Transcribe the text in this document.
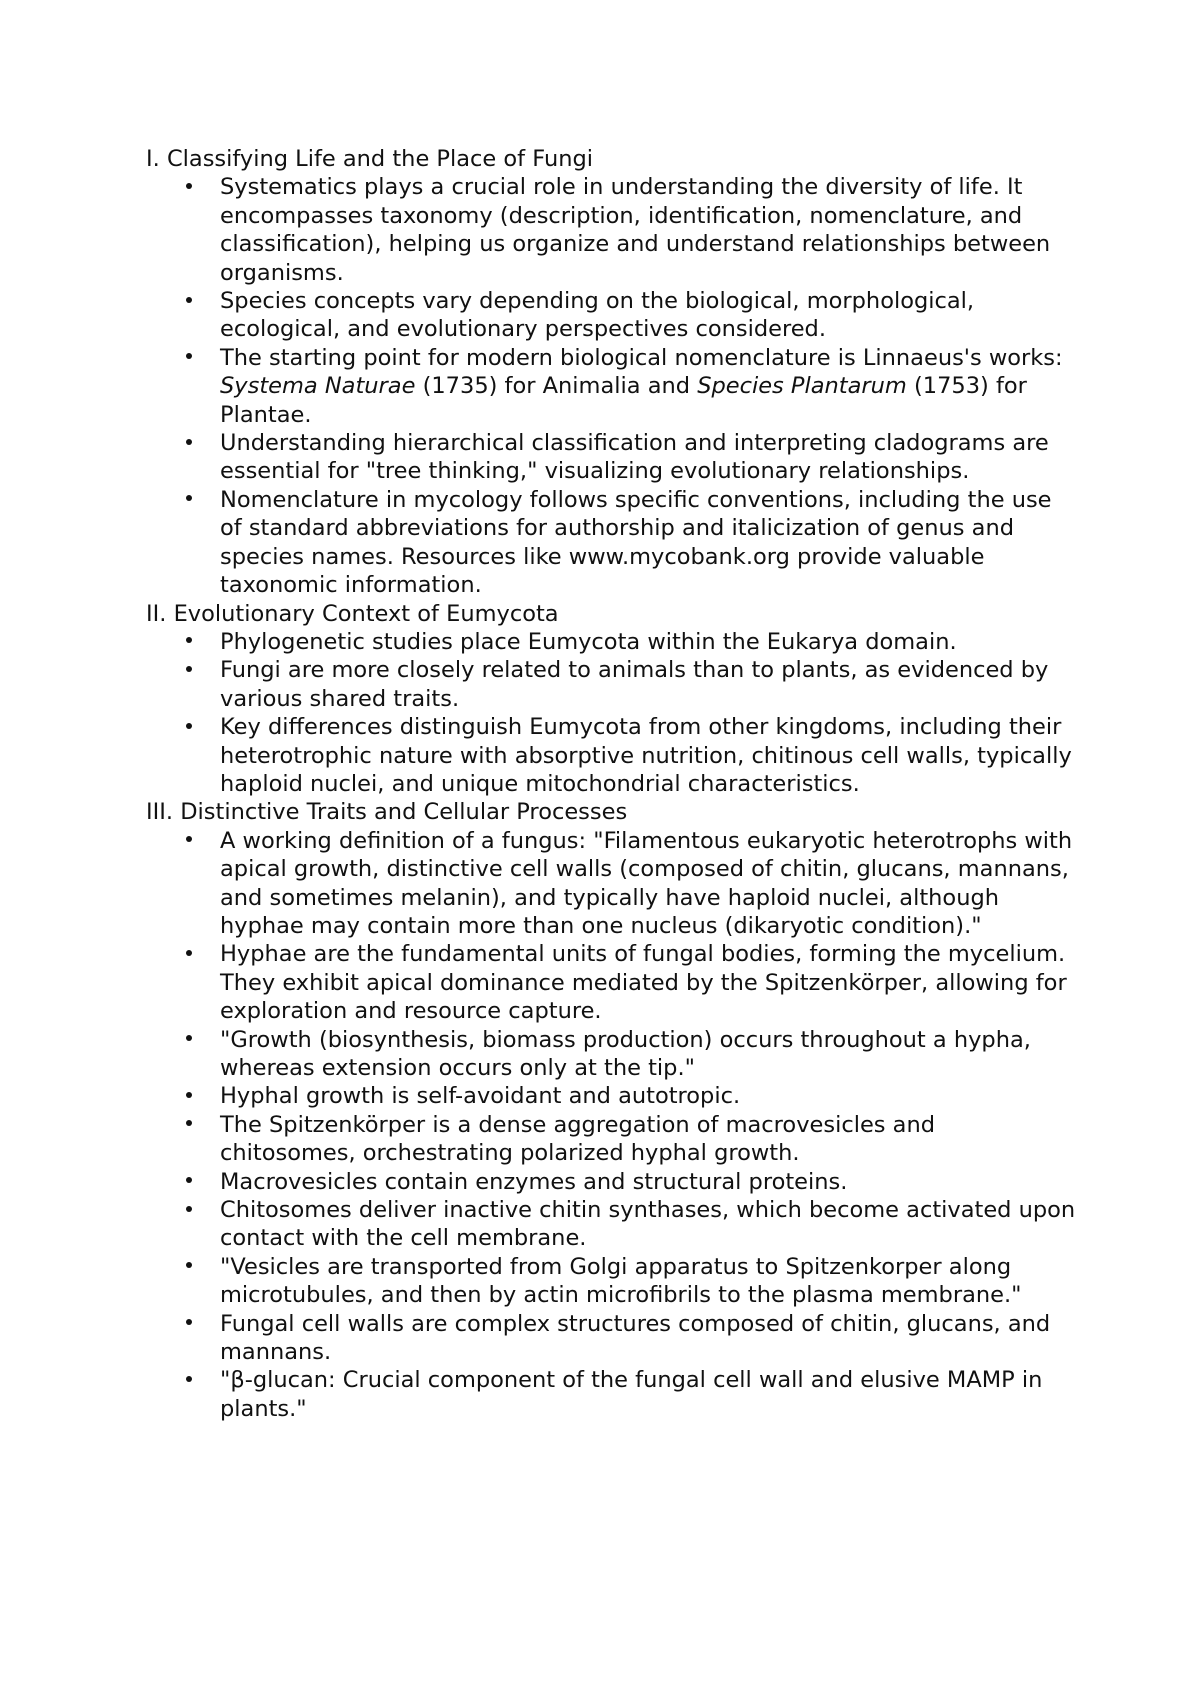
I. Classifying Life and the Place of Fungi

Systematics plays a crucial role in understanding the diversity of life. It encompasses taxonomy (description, identification, nomenclature, and classification), helping us organize and understand relationships between organisms.
Species concepts vary depending on the biological, morphological, ecological, and evolutionary perspectives considered.
The starting point for modern biological nomenclature is Linnaeus's works: Systema Naturae (1735) for Animalia and Species Plantarum (1753) for Plantae.
Understanding hierarchical classification and interpreting cladograms are essential for "tree thinking," visualizing evolutionary relationships.
Nomenclature in mycology follows specific conventions, including the use of standard abbreviations for authorship and italicization of genus and species names. Resources like www.mycobank.org provide valuable taxonomic information.

II. Evolutionary Context of Eumycota

Phylogenetic studies place Eumycota within the Eukarya domain.
Fungi are more closely related to animals than to plants, as evidenced by various shared traits.
Key differences distinguish Eumycota from other kingdoms, including their heterotrophic nature with absorptive nutrition, chitinous cell walls, typically haploid nuclei, and unique mitochondrial characteristics.

III. Distinctive Traits and Cellular Processes

A working definition of a fungus: "Filamentous eukaryotic heterotrophs with apical growth, distinctive cell walls (composed of chitin, glucans, mannans, and sometimes melanin), and typically have haploid nuclei, although hyphae may contain more than one nucleus (dikaryotic condition)."
Hyphae are the fundamental units of fungal bodies, forming the mycelium. They exhibit apical dominance mediated by the Spitzenkörper, allowing for exploration and resource capture.
"Growth (biosynthesis, biomass production) occurs throughout a hypha, whereas extension occurs only at the tip."
Hyphal growth is self-avoidant and autotropic.
The Spitzenkörper is a dense aggregation of macrovesicles and chitosomes, orchestrating polarized hyphal growth.
Macrovesicles contain enzymes and structural proteins.
Chitosomes deliver inactive chitin synthases, which become activated upon contact with the cell membrane.
"Vesicles are transported from Golgi apparatus to Spitzenkorper along microtubules, and then by actin microfibrils to the plasma membrane."
Fungal cell walls are complex structures composed of chitin, glucans, and mannans.
"β-glucan: Crucial component of the fungal cell wall and elusive MAMP in plants."
